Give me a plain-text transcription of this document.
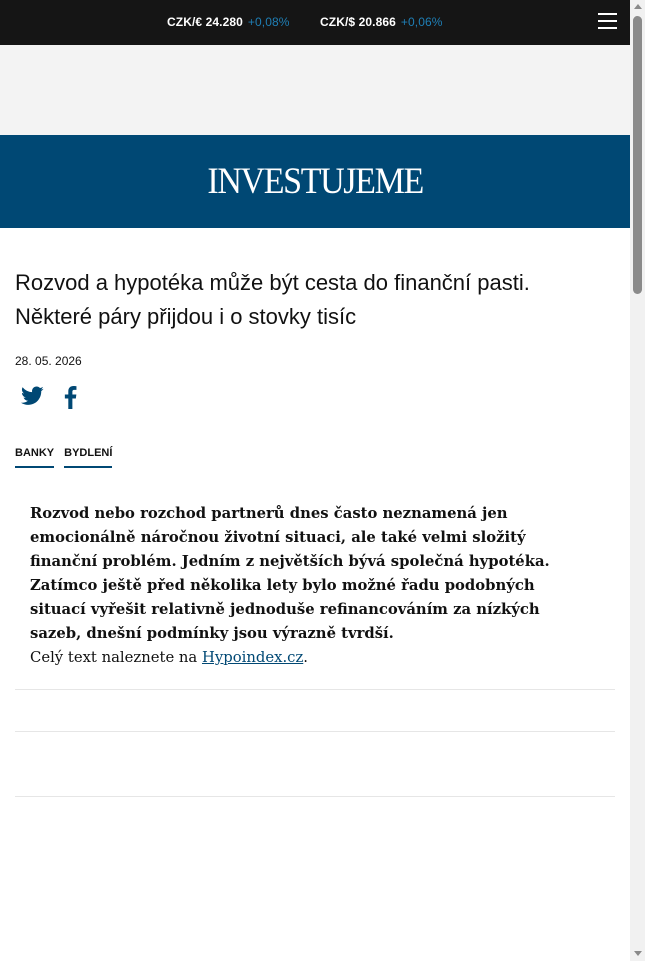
CZK/€ 24.280 +0,08%	CZK/$ 20.866 +0,06%
INVESTUJEME
Rozvod a hypotéka může být cesta do finanční pasti. Některé páry přijdou i o stovky tisíc
28. 05. 2026
BANKY BYDLENÍ

Rozvod nebo rozchod partnerů dnes často neznamená jen emocionálně náročnou životní situaci, ale také velmi složitý finanční problém. Jedním z největších bývá společná hypotéka. Zatímco ještě před několika lety bylo možné řadu podobných situací vyřešit relativně jednoduše refinancováním za nízkých sazeb, dnešní podmínky jsou výrazně tvrdší.

Celý text naleznete na Hypoindex.cz.
